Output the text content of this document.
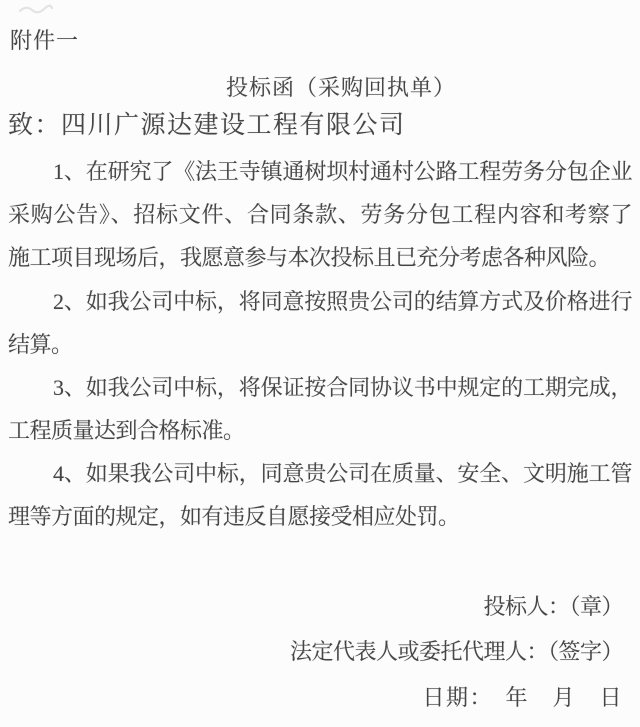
附件一
投标函（采购回执单）
致：四川广源达建设工程有限公司
1、在研究了《法王寺镇通树坝村通村公路工程劳务分包企业
采购公告》、招标文件、合同条款、劳务分包工程内容和考察了
施工项目现场后，我愿意参与本次投标且已充分考虑各种风险。
2、如我公司中标，将同意按照贵公司的结算方式及价格进行
结算。
3、如我公司中标，将保证按合同协议书中规定的工期完成，
工程质量达到合格标准。
4、如果我公司中标，同意贵公司在质量、安全、文明施工管
理等方面的规定，如有违反自愿接受相应处罚。
投标人：（章）
法定代表人或委托代理人：（签字）
日期：　年　月　日
